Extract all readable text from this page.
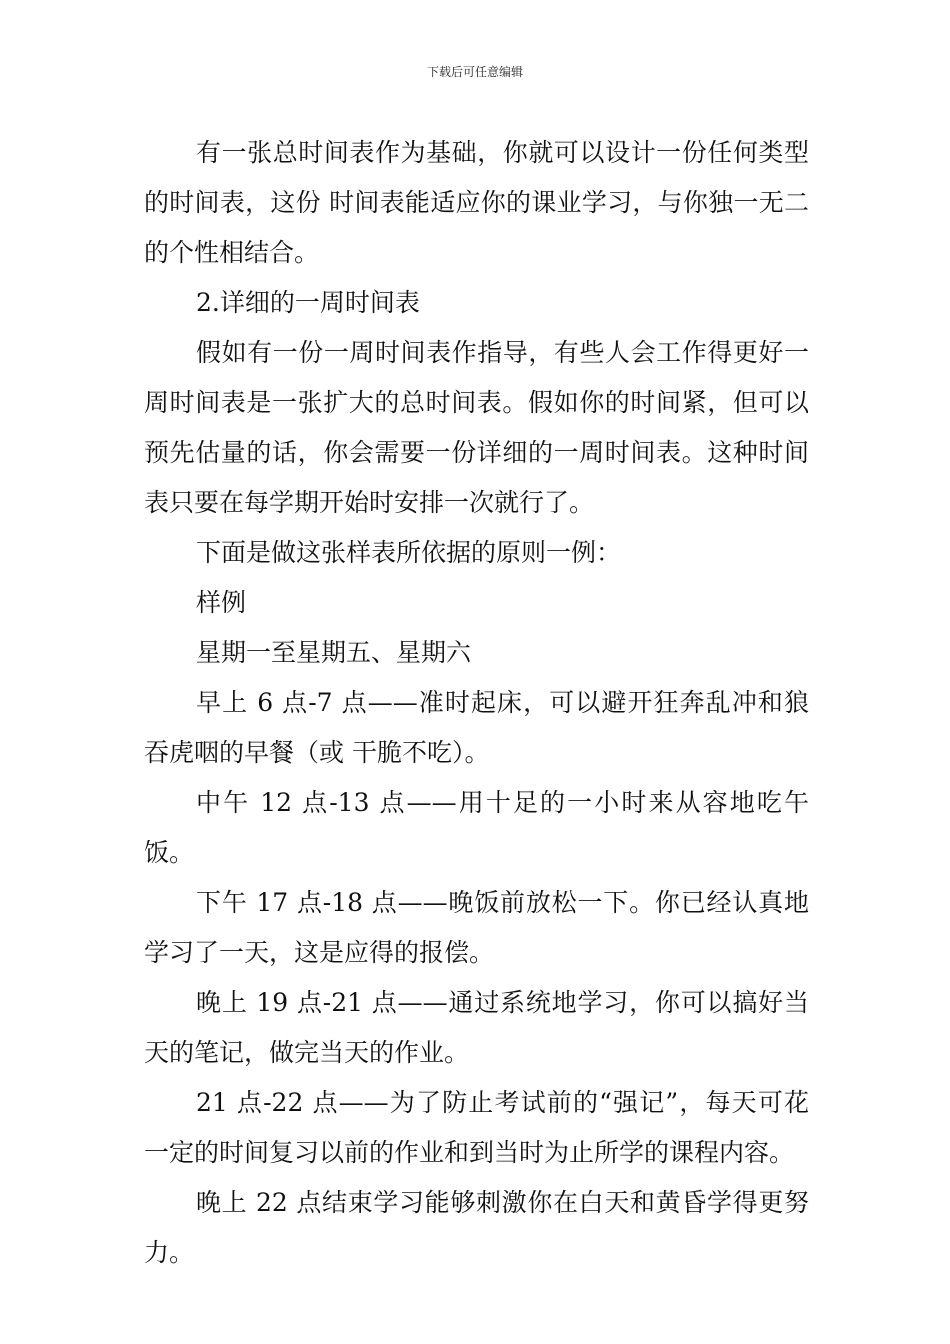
下载后可任意编辑

有一张总时间表作为基础，你就可以设计一份任何类型的时间表，这份 时间表能适应你的课业学习，与你独一无二的个性相结合。

2.详细的一周时间表

假如有一份一周时间表作指导，有些人会工作得更好一周时间表是一张扩大的总时间表。假如你的时间紧，但可以预先估量的话，你会需要一份详细的一周时间表。这种时间表只要在每学期开始时安排一次就行了。

下面是做这张样表所依据的原则一例：

样例

星期一至星期五、星期六

早上 6 点-7 点——准时起床，可以避开狂奔乱冲和狼吞虎咽的早餐（或 干脆不吃）。

中午 12 点-13 点——用十足的一小时来从容地吃午饭。

下午 17 点-18 点——晚饭前放松一下。你已经认真地学习了一天，这是应得的报偿。

晚上 19 点-21 点——通过系统地学习，你可以搞好当天的笔记，做完当天的作业。

21 点-22 点——为了防止考试前的“强记”，每天可花一定的时间复习以前的作业和到当时为止所学的课程内容。

晚上 22 点结束学习能够刺激你在白天和黄昏学得更努力。
